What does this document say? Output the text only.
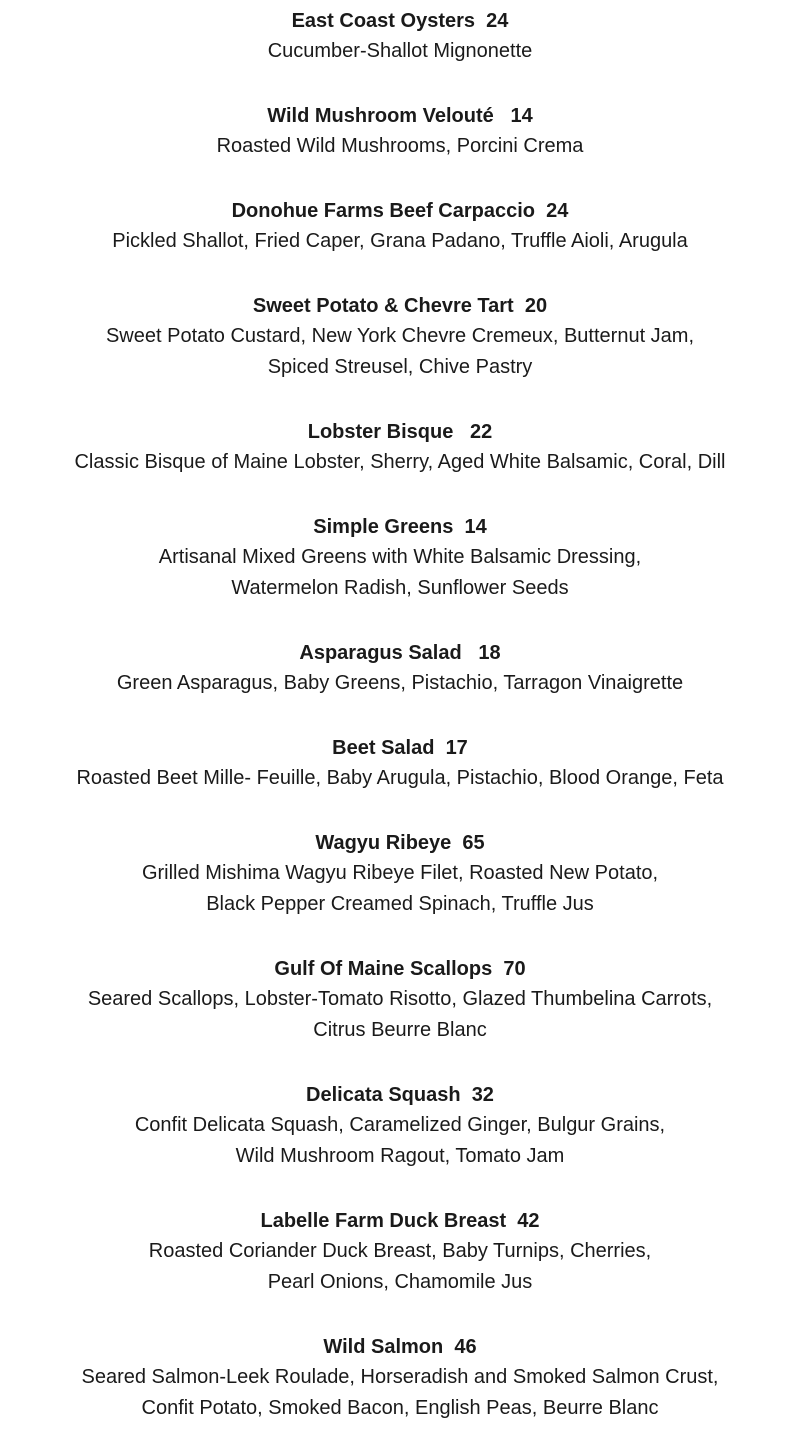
East Coast Oysters 24

Cucumber-Shallot Mignonette

Wild Mushroom Velouté 14

Roasted Wild Mushrooms, Porcini Crema

Donohue Farms Beef Carpaccio 24

Pickled Shallot, Fried Caper, Grana Padano, Truffle Aioli, Arugula

Sweet Potato & Chevre Tart 20

Sweet Potato Custard, New York Chevre Cremeux, Butternut Jam,

Spiced Streusel, Chive Pastry

Lobster Bisque 22

Classic Bisque of Maine Lobster, Sherry, Aged White Balsamic, Coral, Dill

Simple Greens 14

Artisanal Mixed Greens with White Balsamic Dressing,

Watermelon Radish, Sunflower Seeds

Asparagus Salad 18

Green Asparagus, Baby Greens, Pistachio, Tarragon Vinaigrette

Beet Salad 17

Roasted Beet Mille- Feuille, Baby Arugula, Pistachio, Blood Orange, Feta

Wagyu Ribeye 65

Grilled Mishima Wagyu Ribeye Filet, Roasted New Potato,

Black Pepper Creamed Spinach, Truffle Jus

Gulf Of Maine Scallops 70

Seared Scallops, Lobster-Tomato Risotto, Glazed Thumbelina Carrots,

Citrus Beurre Blanc

Delicata Squash 32

Confit Delicata Squash, Caramelized Ginger, Bulgur Grains,

Wild Mushroom Ragout, Tomato Jam

Labelle Farm Duck Breast 42

Roasted Coriander Duck Breast, Baby Turnips, Cherries,

Pearl Onions, Chamomile Jus

Wild Salmon 46

Seared Salmon-Leek Roulade, Horseradish and Smoked Salmon Crust,

Confit Potato, Smoked Bacon, English Peas, Beurre Blanc
